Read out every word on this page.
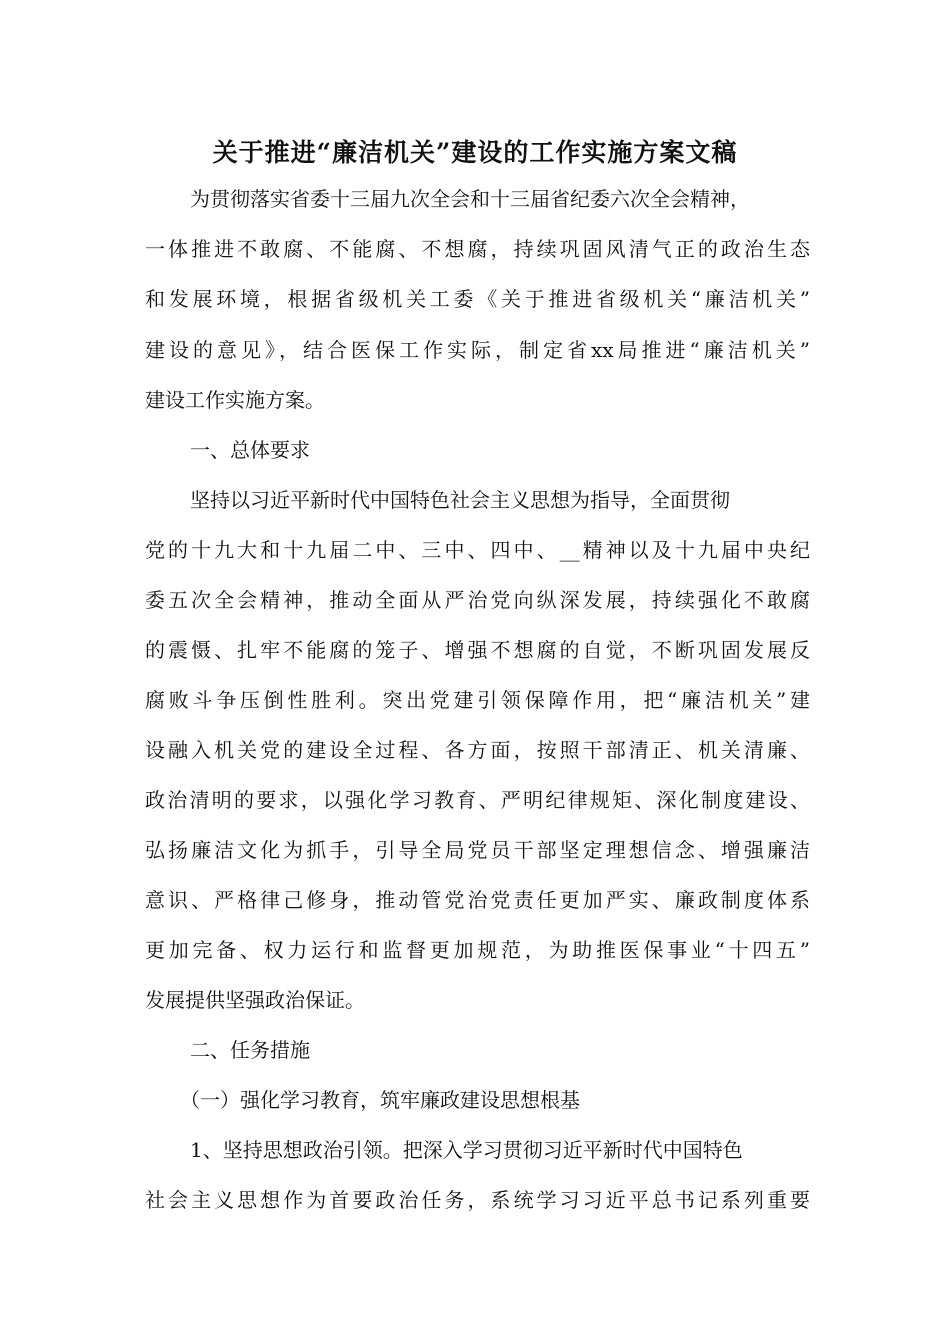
关于推进“廉洁机关”建设的工作实施方案文稿

为贯彻落实省委十三届九次全会和十三届省纪委六次全会精神，

一体推进不敢腐、不能腐、不想腐，持续巩固风清气正的政治生态

和发展环境，根据省级机关工委《关于推进省级机关“廉洁机关”

建设的意见》，结合医保工作实际，制定省xx局推进“廉洁机关”

建设工作实施方案。

一、总体要求

坚持以习近平新时代中国特色社会主义思想为指导，全面贯彻

党的十九大和十九届二中、三中、四中、__精神以及十九届中央纪

委五次全会精神，推动全面从严治党向纵深发展，持续强化不敢腐

的震慑、扎牢不能腐的笼子、增强不想腐的自觉，不断巩固发展反

腐败斗争压倒性胜利。突出党建引领保障作用，把“廉洁机关”建

设融入机关党的建设全过程、各方面，按照干部清正、机关清廉、

政治清明的要求，以强化学习教育、严明纪律规矩、深化制度建设、

弘扬廉洁文化为抓手，引导全局党员干部坚定理想信念、增强廉洁

意识、严格律己修身，推动管党治党责任更加严实、廉政制度体系

更加完备、权力运行和监督更加规范，为助推医保事业“十四五”

发展提供坚强政治保证。

二、任务措施

（一）强化学习教育，筑牢廉政建设思想根基

1、坚持思想政治引领。把深入学习贯彻习近平新时代中国特色

社会主义思想作为首要政治任务，系统学习习近平总书记系列重要
